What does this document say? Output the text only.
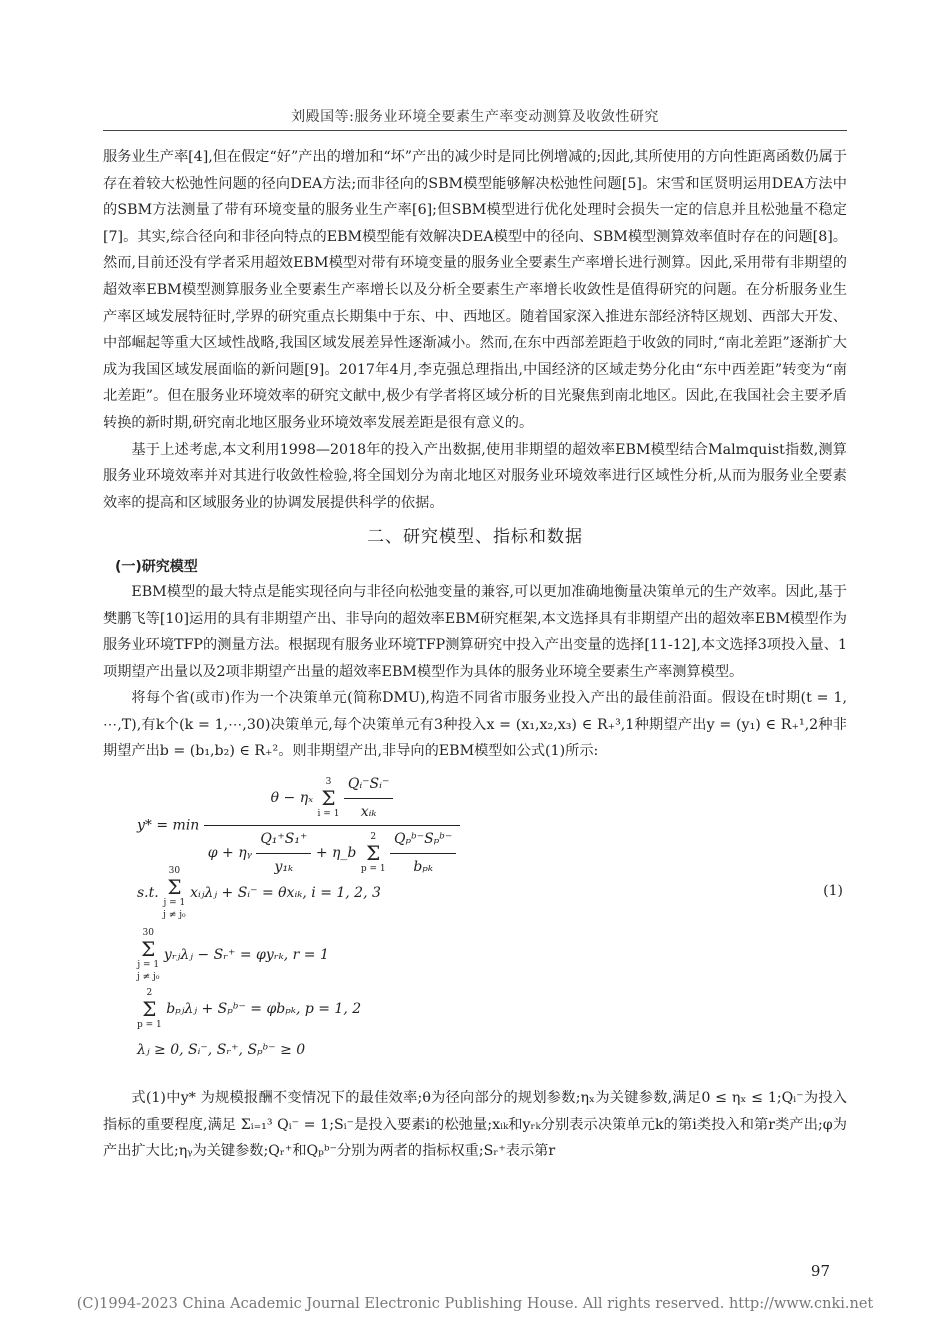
刘殿国等:服务业环境全要素生产率变动测算及收敛性研究

服务业生产率[4],但在假定“好”产出的增加和“坏”产出的减少时是同比例增减的;因此,其所使用的方向性距离函数仍属于存在着较大松弛性问题的径向DEA方法;而非径向的SBM模型能够解决松弛性问题[5]。宋雪和匡贤明运用DEA方法中的SBM方法测量了带有环境变量的服务业生产率[6];但SBM模型进行优化处理时会损失一定的信息并且松弛量不稳定[7]。其实,综合径向和非径向特点的EBM模型能有效解决DEA模型中的径向、SBM模型测算效率值时存在的问题[8]。然而,目前还没有学者采用超效EBM模型对带有环境变量的服务业全要素生产率增长进行测算。因此,采用带有非期望的超效率EBM模型测算服务业全要素生产率增长以及分析全要素生产率增长收敛性是值得研究的问题。在分析服务业生产率区域发展特征时,学界的研究重点长期集中于东、中、西地区。随着国家深入推进东部经济特区规划、西部大开发、中部崛起等重大区域性战略,我国区域发展差异性逐渐减小。然而,在东中西部差距趋于收敛的同时,“南北差距”逐渐扩大成为我国区域发展面临的新问题[9]。2017年4月,李克强总理指出,中国经济的区域走势分化由“东中西差距”转变为“南北差距”。但在服务业环境效率的研究文献中,极少有学者将区域分析的目光聚焦到南北地区。因此,在我国社会主要矛盾转换的新时期,研究南北地区服务业环境效率发展差距是很有意义的。

基于上述考虑,本文利用1998—2018年的投入产出数据,使用非期望的超效率EBM模型结合Malmquist指数,测算服务业环境效率并对其进行收敛性检验,将全国划分为南北地区对服务业环境效率进行区域性分析,从而为服务业全要素效率的提高和区域服务业的协调发展提供科学的依据。

二、研究模型、指标和数据
(一)研究模型

EBM模型的最大特点是能实现径向与非径向松弛变量的兼容,可以更加准确地衡量决策单元的生产效率。因此,基于樊鹏飞等[10]运用的具有非期望产出、非导向的超效率EBM研究框架,本文选择具有非期望产出的超效率EBM模型作为服务业环境TFP的测量方法。根据现有服务业环境TFP测算研究中投入产出变量的选择[11-12],本文选择3项投入量、1项期望产出量以及2项非期望产出量的超效率EBM模型作为具体的服务业环境全要素生产率测算模型。

将每个省(或市)作为一个决策单元(简称DMU),构造不同省市服务业投入产出的最佳前沿面。假设在t时期(t = 1, ⋯,T),有k个(k = 1,⋯,30)决策单元,每个决策单元有3种投入x = (x₁,x₂,x₃) ∈ R₊³,1种期望产出y = (y₁) ∈ R₊¹,2种非期望产出b = (b₁,b₂) ∈ R₊²。则非期望产出,非导向的EBM模型如公式(1)所示:

y* = min
θ − ηₓ
3
Σ
i = 1
$\frac{\text{Qᵢ⁻Sᵢ⁻}}{\text{xᵢₖ}}$
φ + ηᵧ $\frac{\text{Q₁⁺S₁⁺}}{\text{y₁ₖ}}$ + η_b
2
Σ
p = 1
$\frac{\text{Qₚᵇ⁻Sₚᵇ⁻}}{\text{bₚₖ}}$
s.t.
30
Σ
j = 1
j ≠ j₀
xᵢⱼλⱼ + Sᵢ⁻ = θxᵢₖ, i = 1, 2, 3	(1)
30
Σ
j = 1
j ≠ j₀
yᵣⱼλⱼ − Sᵣ⁺ = φyᵣₖ, r = 1
2
Σ
p = 1
bₚⱼλⱼ + Sₚᵇ⁻ = φbₚₖ, p = 1, 2
λⱼ ≥ 0, Sᵢ⁻, Sᵣ⁺, Sₚᵇ⁻ ≥ 0

式(1)中y* 为规模报酬不变情况下的最佳效率;θ为径向部分的规划参数;ηₓ为关键参数,满足0 ≤ ηₓ ≤ 1;Qᵢ⁻为投入指标的重要程度,满足 Σᵢ₌₁³ Qᵢ⁻ = 1;Sᵢ⁻是投入要素i的松弛量;xᵢₖ和yᵣₖ分别表示决策单元k的第i类投入和第r类产出;φ为产出扩大比;ηᵧ为关键参数;Qᵣ⁺和Qₚᵇ⁻分别为两者的指标权重;Sᵣ⁺表示第r

97
(C)1994-2023 China Academic Journal Electronic Publishing House. All rights reserved. http://www.cnki.net
